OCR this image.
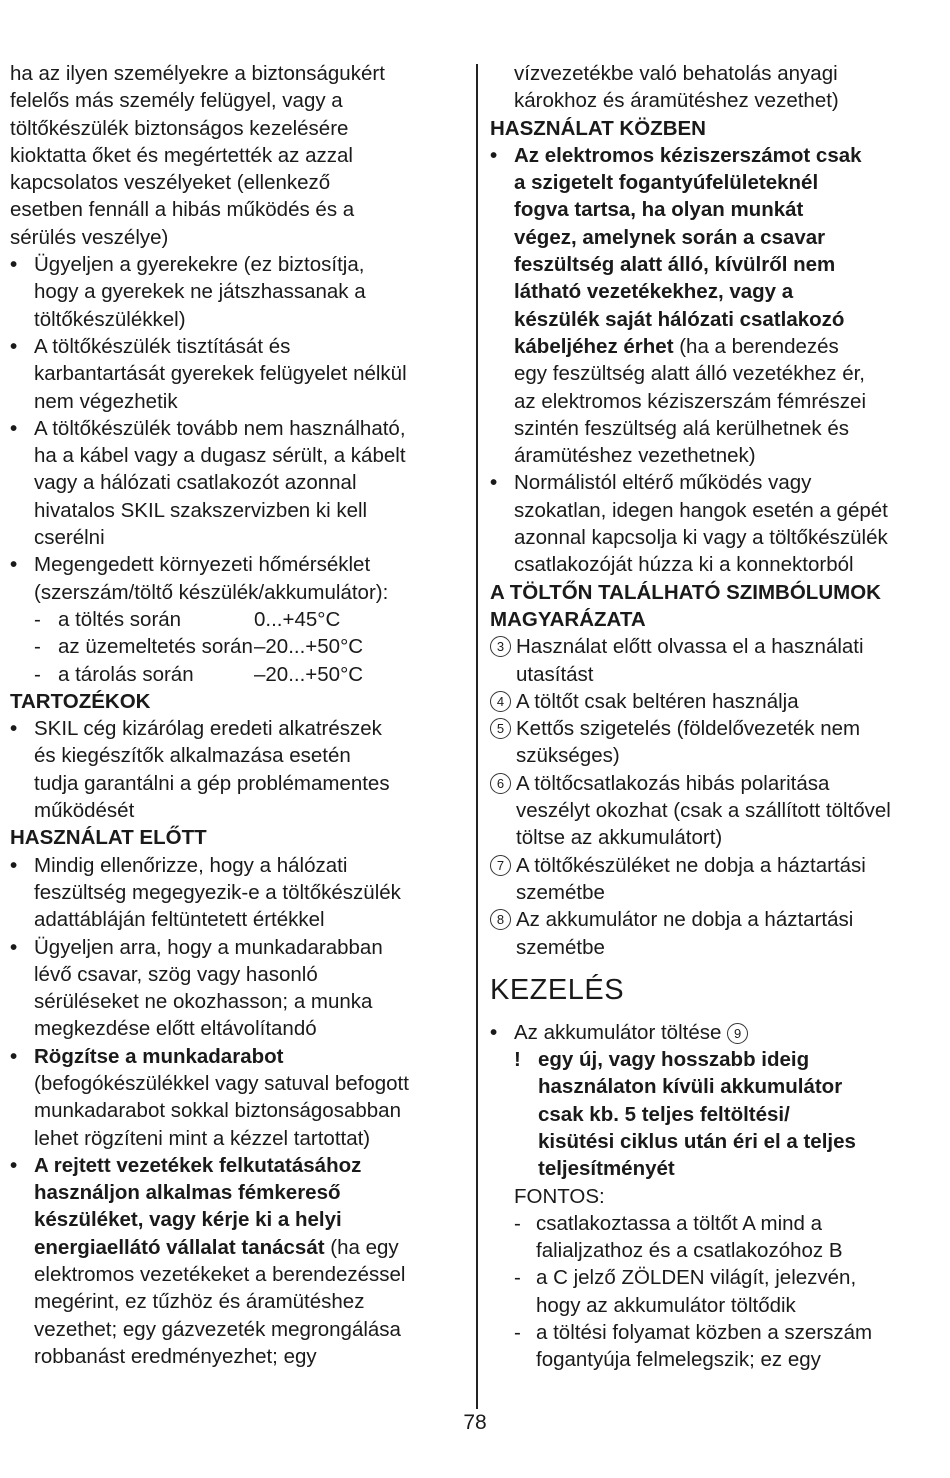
ha az ilyen személyekre a biztonságukért
felelős más személy felügyel, vagy a
töltőkészülék biztonságos kezelésére
kioktatta őket és megértették az azzal
kapcsolatos veszélyeket (ellenkező
esetben fennáll a hibás működés és a
sérülés veszélye)
• Ügyeljen a gyerekekre (ez biztosítja,
hogy a gyerekek ne játszhassanak a
töltőkészülékkel)
• A töltőkészülék tisztítását és
karbantartását gyerekek felügyelet nélkül
nem végezhetik
• A töltőkészülék tovább nem használható,
ha a kábel vagy a dugasz sérült, a kábelt
vagy a hálózati csatlakozót azonnal
hivatalos SKIL szakszervizben ki kell
cserélni
• Megengedett környezeti hőmérséklet
(szerszám/töltő készülék/akkumulátor):
- a töltés során	0...+45°C
- az üzemeltetés során–20...+50°C
- a tárolás során	–20...+50°C
TARTOZÉKOK
• SKIL cég kizárólag eredeti alkatrészek
és kiegészítők alkalmazása esetén
tudja garantálni a gép problémamentes
működését
HASZNÁLAT ELŐTT
• Mindig ellenőrizze, hogy a hálózati
feszültség megegyezik-e a töltőkészülék
adattábláján feltüntetett értékkel
• Ügyeljen arra, hogy a munkadarabban
lévő csavar, szög vagy hasonló
sérüléseket ne okozhasson; a munka
megkezdése előtt eltávolítandó
• Rögzítse a munkadarabot
(befogókészülékkel vagy satuval befogott
munkadarabot sokkal biztonságosabban
lehet rögzíteni mint a kézzel tartottat)
• A rejtett vezetékek felkutatásához
használjon alkalmas fémkereső
készüléket, vagy kérje ki a helyi
energiaellátó vállalat tanácsát (ha egy
elektromos vezetékeket a berendezéssel
megérint, ez tűzhöz és áramütéshez
vezethet; egy gázvezeték megrongálása
robbanást eredményezhet; egy
vízvezetékbe való behatolás anyagi
károkhoz és áramütéshez vezethet)
HASZNÁLAT KÖZBEN
• Az elektromos kéziszerszámot csak
a szigetelt fogantyúfelületeknél
fogva tartsa, ha olyan munkát
végez, amelynek során a csavar
feszültség alatt álló, kívülről nem
látható vezetékekhez, vagy a
készülék saját hálózati csatlakozó
kábeljéhez érhet (ha a berendezés
egy feszültség alatt álló vezetékhez ér,
az elektromos kéziszerszám fémrészei
szintén feszültség alá kerülhetnek és
áramütéshez vezethetnek)
• Normálistól eltérő működés vagy
szokatlan, idegen hangok esetén a gépét
azonnal kapcsolja ki vagy a töltőkészülék
csatlakozóját húzza ki a konnektorból
A TÖLTŐN TALÁLHATÓ SZIMBÓLUMOK
MAGYARÁZATA
3 Használat előtt olvassa el a használati
utasítást
4 A töltőt csak beltéren használja
5 Kettős szigetelés (földelővezeték nem
szükséges)
6 A töltőcsatlakozás hibás polaritása
veszélyt okozhat (csak a szállított töltővel
töltse az akkumulátort)
7 A töltőkészüléket ne dobja a háztartási
szemétbe
8 Az akkumulátor ne dobja a háztartási
szemétbe
KEZELÉS
• Az akkumulátor töltése 9
! egy új, vagy hosszabb ideig
használaton kívüli akkumulátor
csak kb. 5 teljes feltöltési/
kisütési ciklus után éri el a teljes
teljesítményét
FONTOS:
- csatlakoztassa a töltőt A mind a
falialjzathoz és a csatlakozóhoz B
- a C jelző ZÖLDEN világít, jelezvén,
hogy az akkumulátor töltődik
- a töltési folyamat közben a szerszám
fogantyúja felmelegszik; ez egy
78
